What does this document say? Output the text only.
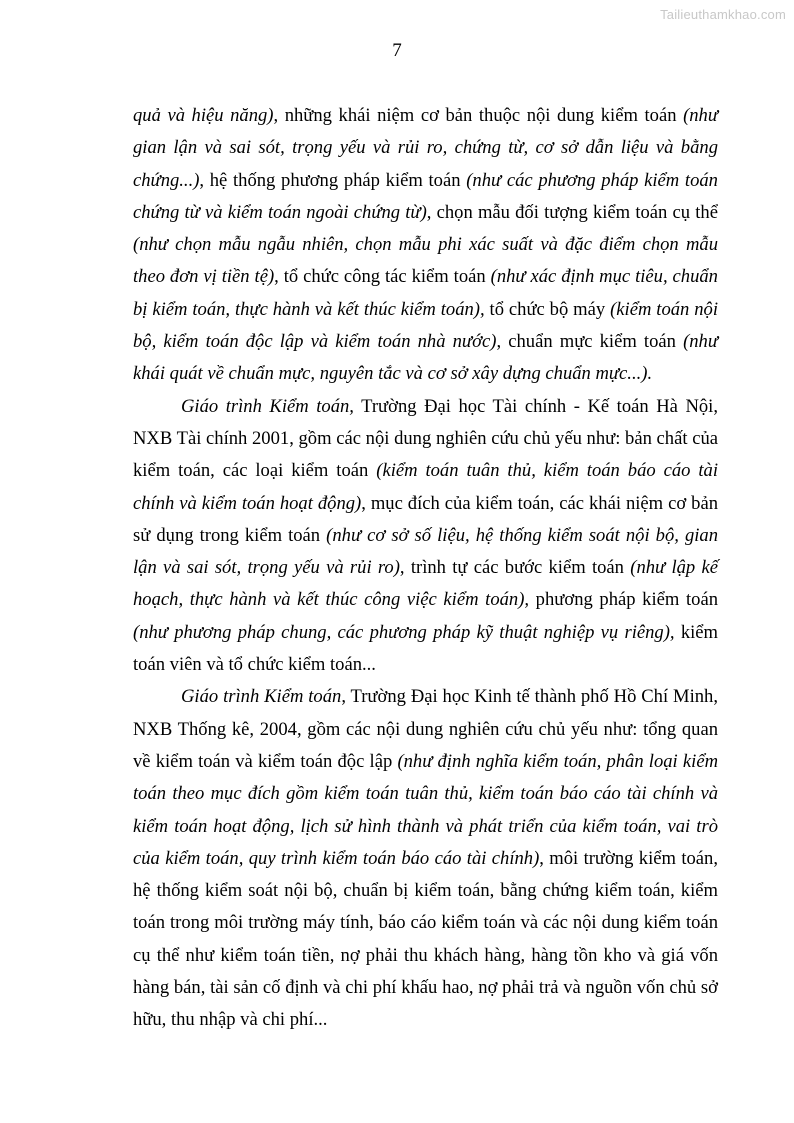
Tailieuthamkhao.com
7

quả và hiệu năng), những khái niệm cơ bản thuộc nội dung kiểm toán (như gian lận và sai sót, trọng yếu và rủi ro, chứng từ, cơ sở dẫn liệu và bằng chứng...), hệ thống phương pháp kiểm toán (như các phương pháp kiểm toán chứng từ và kiểm toán ngoài chứng từ), chọn mẫu đối tượng kiểm toán cụ thể (như chọn mẫu ngẫu nhiên, chọn mẫu phi xác suất và đặc điểm chọn mẫu theo đơn vị tiền tệ), tổ chức công tác kiểm toán (như xác định mục tiêu, chuẩn bị kiểm toán, thực hành và kết thúc kiểm toán), tổ chức bộ máy (kiểm toán nội bộ, kiểm toán độc lập và kiểm toán nhà nước), chuẩn mực kiểm toán (như khái quát về chuẩn mực, nguyên tắc và cơ sở xây dựng chuẩn mực...).

Giáo trình Kiểm toán, Trường Đại học Tài chính - Kế toán Hà Nội, NXB Tài chính 2001, gồm các nội dung nghiên cứu chủ yếu như: bản chất của kiểm toán, các loại kiểm toán (kiểm toán tuân thủ, kiểm toán báo cáo tài chính và kiểm toán hoạt động), mục đích của kiểm toán, các khái niệm cơ bản sử dụng trong kiểm toán (như cơ sở số liệu, hệ thống kiểm soát nội bộ, gian lận và sai sót, trọng yếu và rủi ro), trình tự các bước kiểm toán (như lập kế hoạch, thực hành và kết thúc công việc kiểm toán), phương pháp kiểm toán (như phương pháp chung, các phương pháp kỹ thuật nghiệp vụ riêng), kiểm toán viên và tổ chức kiểm toán...

Giáo trình Kiểm toán, Trường Đại học Kinh tế thành phố Hồ Chí Minh, NXB Thống kê, 2004, gồm các nội dung nghiên cứu chủ yếu như: tổng quan về kiểm toán và kiểm toán độc lập (như định nghĩa kiểm toán, phân loại kiểm toán theo mục đích gồm kiểm toán tuân thủ, kiểm toán báo cáo tài chính và kiểm toán hoạt động, lịch sử hình thành và phát triển của kiểm toán, vai trò của kiểm toán, quy trình kiểm toán báo cáo tài chính), môi trường kiểm toán, hệ thống kiểm soát nội bộ, chuẩn bị kiểm toán, bằng chứng kiểm toán, kiểm toán trong môi trường máy tính, báo cáo kiểm toán và các nội dung kiểm toán cụ thể như kiểm toán tiền, nợ phải thu khách hàng, hàng tồn kho và giá vốn hàng bán, tài sản cố định và chi phí khấu hao, nợ phải trả và nguồn vốn chủ sở hữu, thu nhập và chi phí...
